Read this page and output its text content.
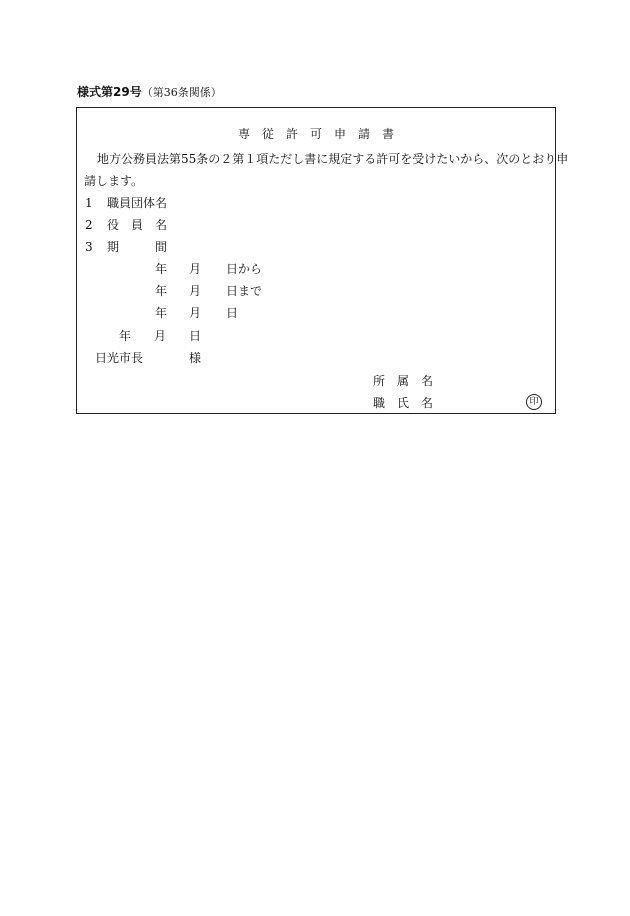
様式第29号（第36条関係）
専従許可申請書
地方公務員法第55条の２第１項ただし書に規定する許可を受けたいから、次のとおり申
請します。
1 職員団体名
2 役　員　名
3 期　　　間
年 月 日から
年 月 日まで
年 月 日
年 月 日
日光市長	様
所　属　名
職　氏　名	印
